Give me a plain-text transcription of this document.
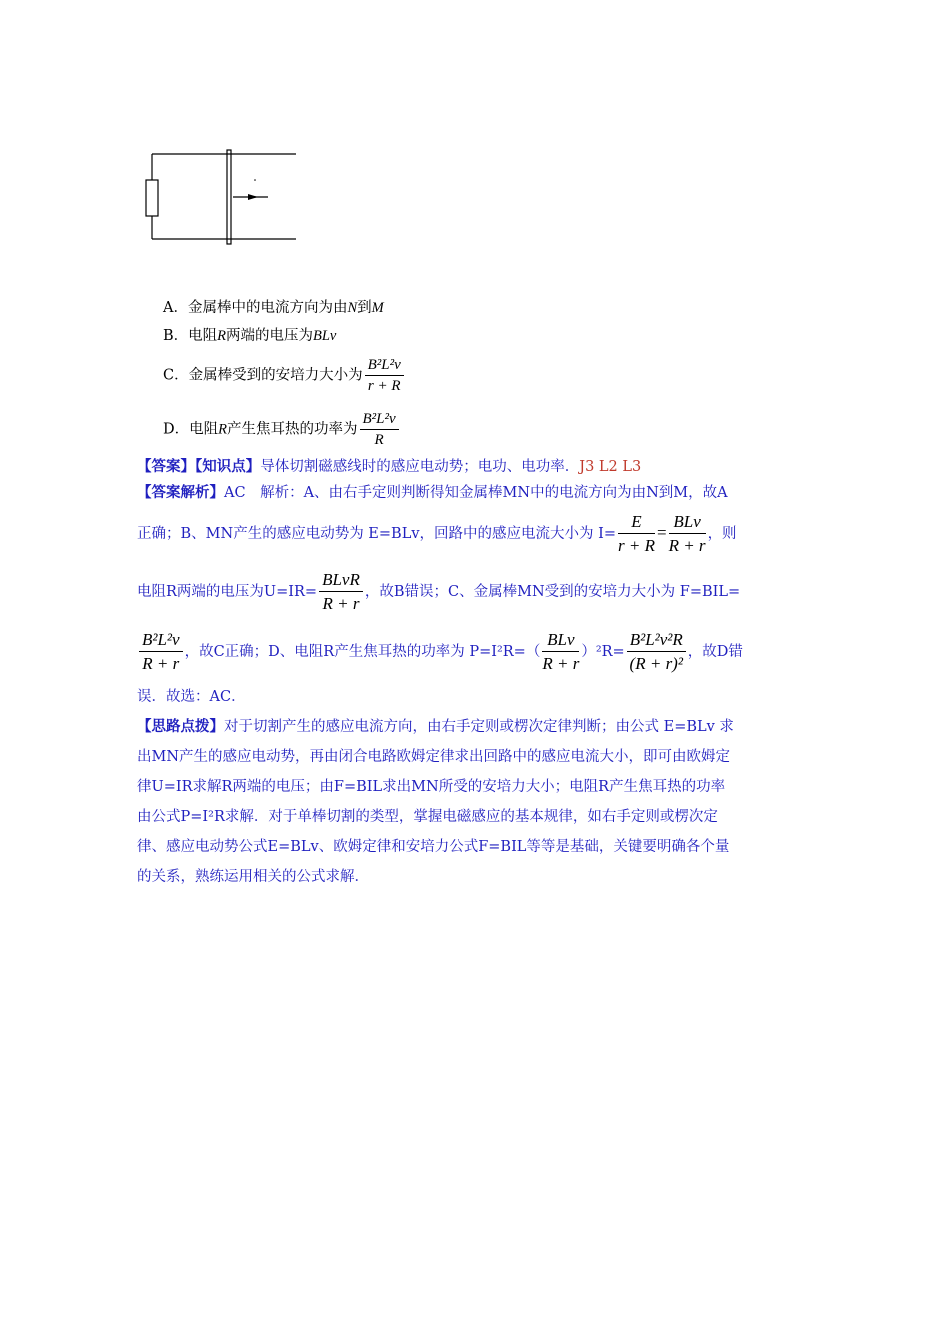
A．金属棒中的电流方向为由N到M
B．电阻R两端的电压为BLv
C．金属棒受到的安培力大小为 $\frac{\text{B²L²v}}{r + R}$
D．电阻R产生焦耳热的功率为 $\frac{\text{B²L²v}}{R}$
【答案】【知识点】导体切割磁感线时的感应电动势；电功、电功率．J3 L2 L3
【答案解析】AC　解析：A、由右手定则判断得知金属棒MN中的电流方向为由N到M，故A
正确；B、MN产生的感应电动势为 E=BLv，回路中的感应电流大小为 $I= \frac{E}{r + R} = \frac{\text{BLv}}{R + r}$ ，则
电阻R两端的电压为$U=IR= \frac{\text{BLvR}}{R + r}$ ，故B错误；C、金属棒MN受到的安培力大小为 F=BIL=
$\frac{\text{B²L²v}}{R + r}$ ，故C正确；D、电阻R产生焦耳热的功率为 $P=I^2R=( \frac{\text{BLv}}{R + r} )^2R= \frac{\text{B²L²v²R}}{\text{(R + r)²}}$ ，故D错
误．故选：AC．
【思路点拨】对于切割产生的感应电流方向，由右手定则或楞次定律判断；由公式 E=BLv 求
出MN产生的感应电动势，再由闭合电路欧姆定律求出回路中的感应电流大小，即可由欧姆定
律U=IR求解R两端的电压；由F=BIL求出MN所受的安培力大小；电阻R产生焦耳热的功率
由公式P=I²R求解．对于单棒切割的类型，掌握电磁感应的基本规律，如右手定则或楞次定
律、感应电动势公式E=BLv、欧姆定律和安培力公式F=BIL等等是基础，关键要明确各个量
的关系，熟练运用相关的公式求解．
